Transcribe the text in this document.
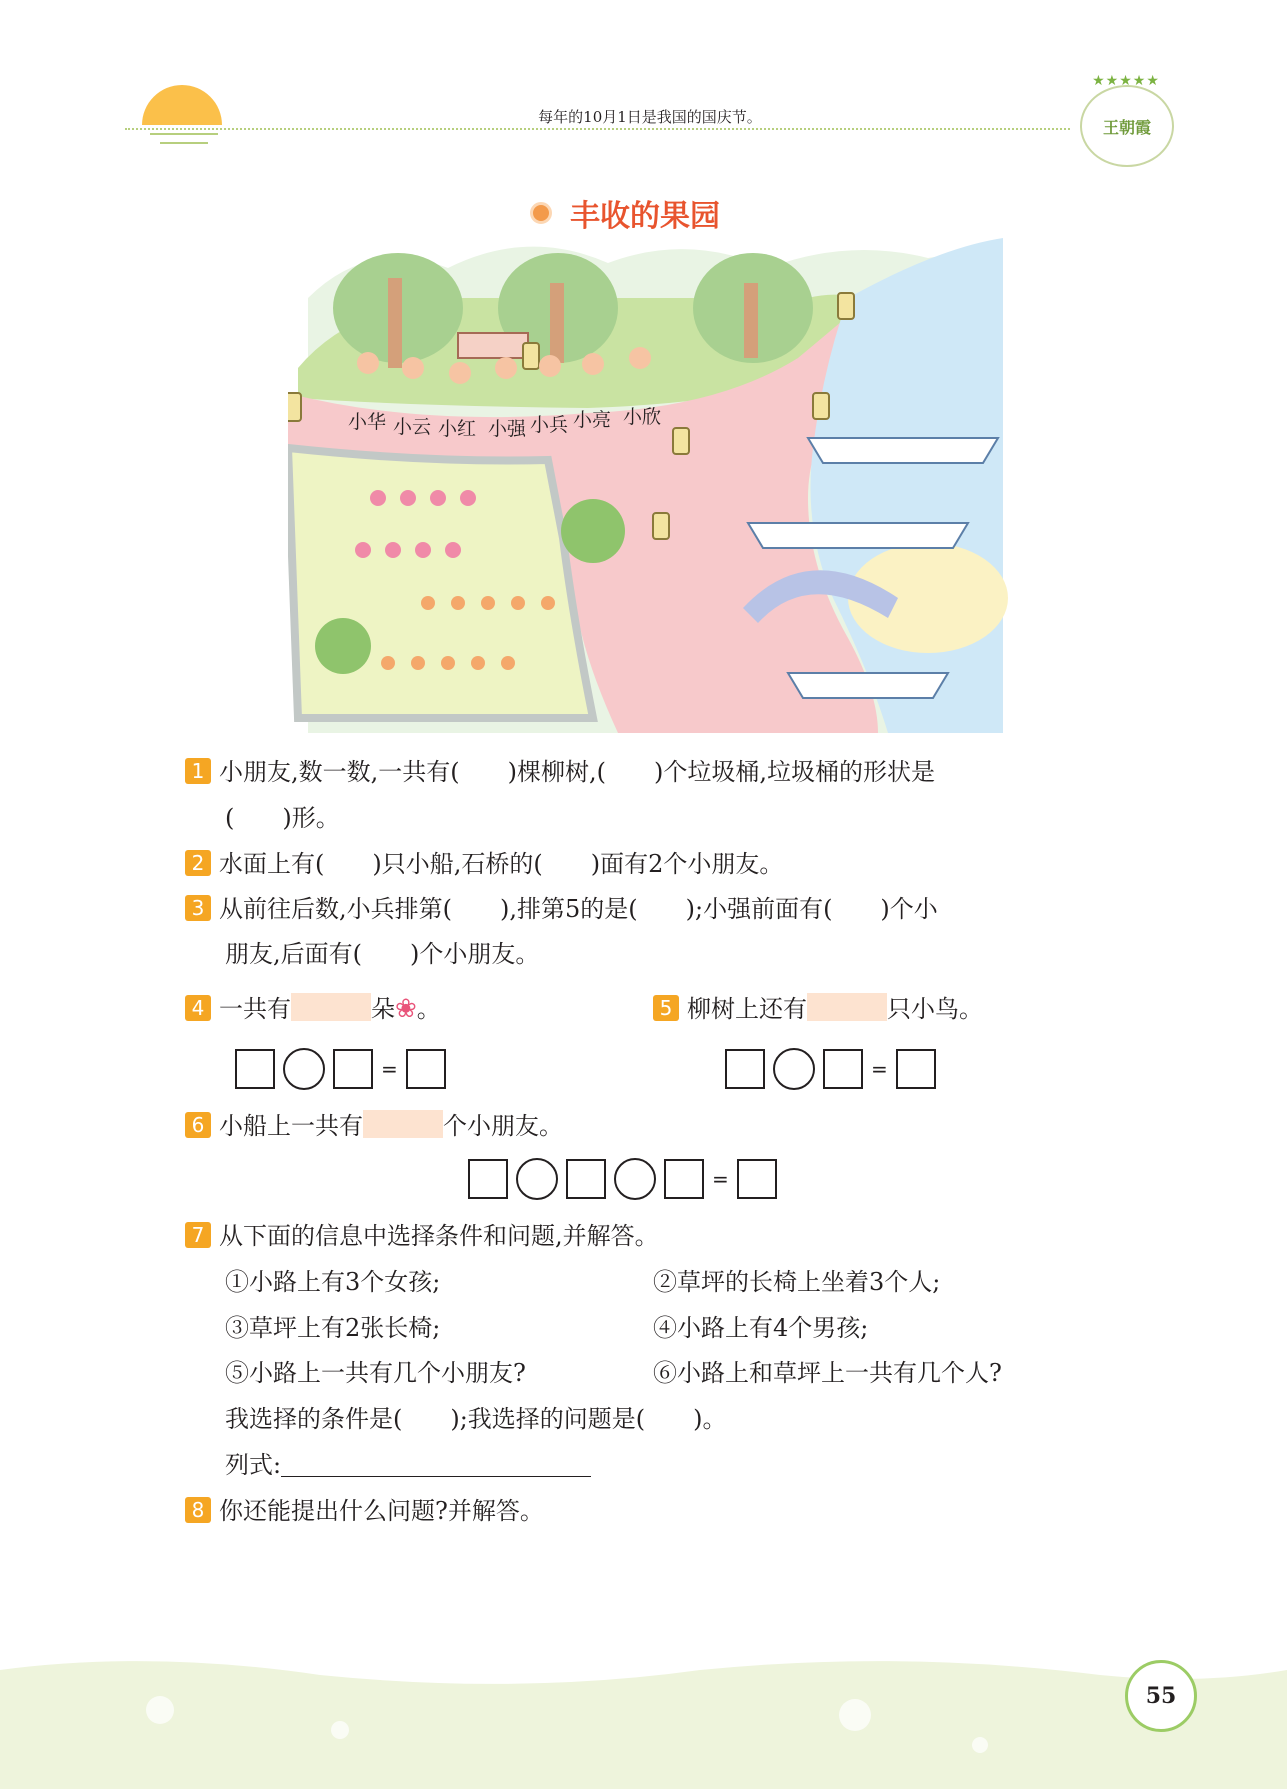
每年的10月1日是我国的国庆节。
★★★★★
王朝霞
丰收的果园
小华 小云 小红 小强 小兵 小亮 小欣
1 小朋友,数一数,一共有(　　)棵柳树,(　　)个垃圾桶,垃圾桶的形状是
(　　)形。
2 水面上有(　　)只小船,石桥的(　　)面有2个小朋友。
3 从前往后数,小兵排第(　　),排第5的是(　　);小强前面有(　　)个小
朋友,后面有(　　)个小朋友。
4 一共有	朵❀。
=
5 柳树上还有	只小鸟。
=
6 小船上一共有	个小朋友。
=
7 从下面的信息中选择条件和问题,并解答。
①小路上有3个女孩;	②草坪的长椅上坐着3个人;
③草坪上有2张长椅;	④小路上有4个男孩;
⑤小路上一共有几个小朋友?	⑥小路上和草坪上一共有几个人?
我选择的条件是(　　);我选择的问题是(　　)。
列式:
8 你还能提出什么问题?并解答。
55
